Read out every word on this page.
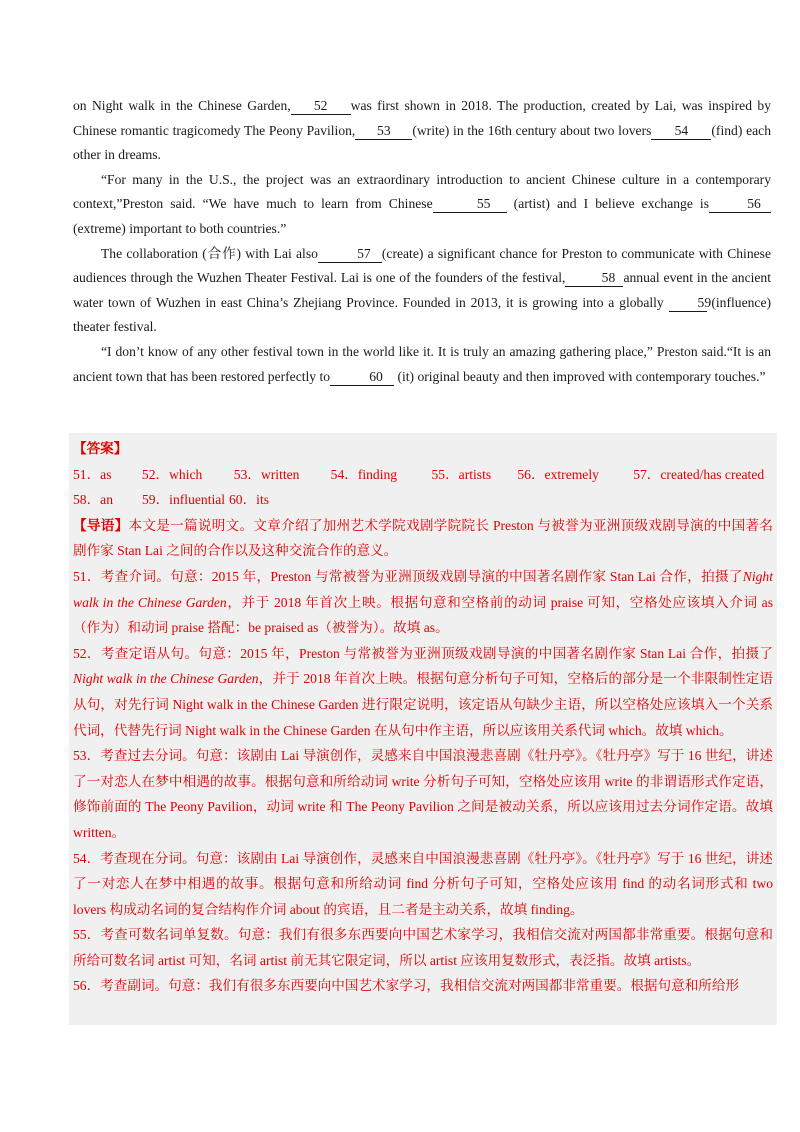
on Night walk in the Chinese Garden, 52 was first shown in 2018. The production, created by Lai, was inspired by Chinese romantic tragicomedy The Peony Pavilion, 53 (write) in the 16th century about two lovers 54 (find) each other in dreams.

“For many in the U.S., the project was an extraordinary introduction to ancient Chinese culture in a contemporary context,”Preston said. “We have much to learn from Chinese	55 (artist) and I believe exchange is	56 (extreme) important to both countries.”

The collaboration (合作) with Lai also	57 (create) a significant chance for Preston to communicate with Chinese audiences through the Wuzhen Theater Festival. Lai is one of the founders of the festival,	58 annual event in the ancient water town of Wuzhen in east China’s Zhejiang Province. Founded in 2013, it is growing into a globally 59 (influence) theater festival.

“I don’t know of any other festival town in the world like it. It is truly an amazing gathering place,” Preston said.“It is an ancient town that has been restored perfectly to	60 (it) original beauty and then improved with contemporary touches.”

【答案】

51．as	52．which	53．written	54．finding	55．artists	56．extremely	57．created/has created
58．an	59．influential 60．its

【导语】本文是一篇说明文。文章介绍了加州艺术学院戏剧学院院长 Preston 与被誉为亚洲顶级戏剧导演的中国著名剧作家 Stan Lai 之间的合作以及这种交流合作的意义。

51．考查介词。句意：2015 年，Preston 与常被誉为亚洲顶级戏剧导演的中国著名剧作家 Stan Lai 合作，拍摄了Night walk in the Chinese Garden，并于 2018 年首次上映。根据句意和空格前的动词 praise 可知，空格处应该填入介词 as（作为）和动词 praise 搭配：be praised as（被誉为）。故填 as。

52．考查定语从句。句意：2015 年，Preston 与常被誉为亚洲顶级戏剧导演的中国著名剧作家 Stan Lai 合作，拍摄了Night walk in the Chinese Garden，并于 2018 年首次上映。根据句意分析句子可知，空格后的部分是一个非限制性定语从句，对先行词 Night walk in the Chinese Garden 进行限定说明，该定语从句缺少主语，所以空格处应该填入一个关系代词，代替先行词 Night walk in the Chinese Garden 在从句中作主语，所以应该用关系代词 which。故填 which。

53．考查过去分词。句意：该剧由 Lai 导演创作，灵感来自中国浪漫悲喜剧《牡丹亭》。《牡丹亭》写于 16 世纪，讲述了一对恋人在梦中相遇的故事。根据句意和所给动词 write 分析句子可知，空格处应该用 write 的非谓语形式作定语，修饰前面的 The Peony Pavilion，动词 write 和 The Peony Pavilion 之间是被动关系，所以应该用过去分词作定语。故填 written。

54．考查现在分词。句意：该剧由 Lai 导演创作，灵感来自中国浪漫悲喜剧《牡丹亭》。《牡丹亭》写于 16 世纪，讲述了一对恋人在梦中相遇的故事。根据句意和所给动词 find 分析句子可知，空格处应该用 find 的动名词形式和 two lovers 构成动名词的复合结构作介词 about 的宾语，且二者是主动关系，故填 finding。

55．考查可数名词单复数。句意：我们有很多东西要向中国艺术家学习，我相信交流对两国都非常重要。根据句意和所给可数名词 artist 可知，名词 artist 前无其它限定词，所以 artist 应该用复数形式，表泛指。故填 artists。

56．考查副词。句意：我们有很多东西要向中国艺术家学习，我相信交流对两国都非常重要。根据句意和所给形
